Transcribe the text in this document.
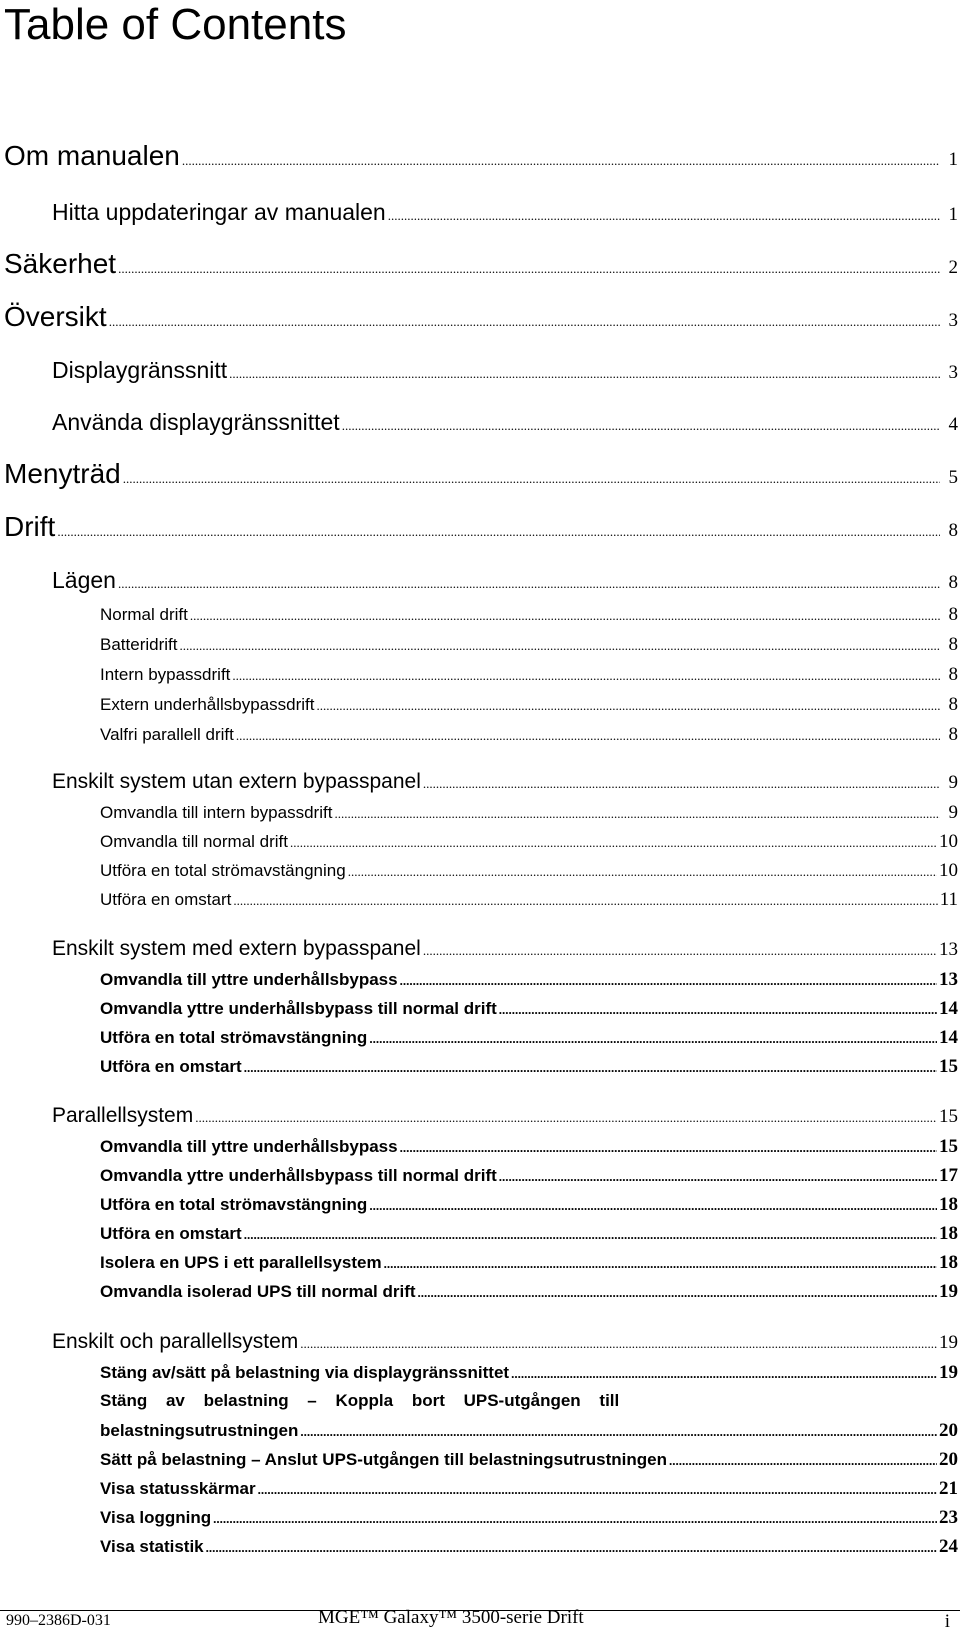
Table of Contents
Om manualen .....	1
Hitta uppdateringar av manualen .....	1
Säkerhet .....	2
Översikt .....	3
Displaygränssnitt .....	3
Använda displaygränssnittet .....	4
Menyträd .....	5
Drift .....	8
Lägen .....	8
Normal drift .....	8
Batteridrift .....	8
Intern bypassdrift .....	8
Extern underhållsbypassdrift .....	8
Valfri parallell drift .....	8
Enskilt system utan extern bypasspanel .....	9
Omvandla till intern bypassdrift .....	9
Omvandla till normal drift .....	10
Utföra en total strömavstängning .....	10
Utföra en omstart .....	11
Enskilt system med extern bypasspanel .....	13
Omvandla till yttre underhållsbypass .....	13
Omvandla yttre underhållsbypass till normal drift .....	14
Utföra en total strömavstängning .....	14
Utföra en omstart .....	15
Parallellsystem .....	15
Omvandla till yttre underhållsbypass .....	15
Omvandla yttre underhållsbypass till normal drift .....	17
Utföra en total strömavstängning .....	18
Utföra en omstart .....	18
Isolera en UPS i ett parallellsystem .....	18
Omvandla isolerad UPS till normal drift .....	19
Enskilt och parallellsystem .....	19
Stäng av/sätt på belastning via displaygränssnittet .....	19
Stäng av belastning – Koppla bort UPS-utgången till
belastningsutrustningen .....	20
Sätt på belastning – Anslut UPS-utgången till belastningsutrustningen .....	20
Visa statusskärmar .....	21
Visa loggning .....	23
Visa statistik .....	24
990–2386D-031	MGE™ Galaxy™ 3500-serie Drift	i
